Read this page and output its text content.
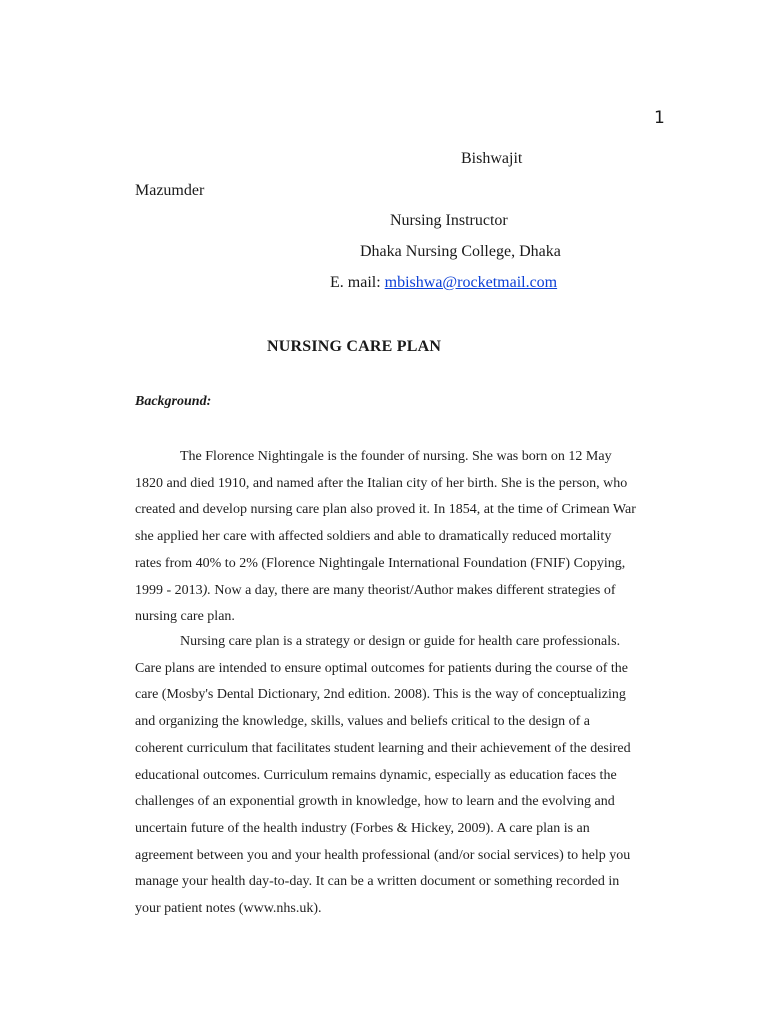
1
Bishwajit
Mazumder
Nursing Instructor
Dhaka Nursing College, Dhaka
E. mail: mbishwa@rocketmail.com
NURSING CARE PLAN
Background:
The Florence Nightingale is the founder of nursing. She was born on 12 May
1820 and died 1910, and named after the Italian city of her birth. She is the person, who
created and develop nursing care plan also proved it. In 1854, at the time of Crimean War
she applied her care with affected soldiers and able to dramatically reduced mortality
rates from 40% to 2% (Florence Nightingale International Foundation (FNIF) Copying,
1999 - 2013). Now a day, there are many theorist/Author makes different strategies of
nursing care plan.
Nursing care plan is a strategy or design or guide for health care professionals.
Care plans are intended to ensure optimal outcomes for patients during the course of the
care (Mosby's Dental Dictionary, 2nd edition. 2008). This is the way of conceptualizing
and organizing the knowledge, skills, values and beliefs critical to the design of a
coherent curriculum that facilitates student learning and their achievement of the desired
educational outcomes. Curriculum remains dynamic, especially as education faces the
challenges of an exponential growth in knowledge, how to learn and the evolving and
uncertain future of the health industry (Forbes & Hickey, 2009). A care plan is an
agreement between you and your health professional (and/or social services) to help you
manage your health day-to-day. It can be a written document or something recorded in
your patient notes (www.nhs.uk).
